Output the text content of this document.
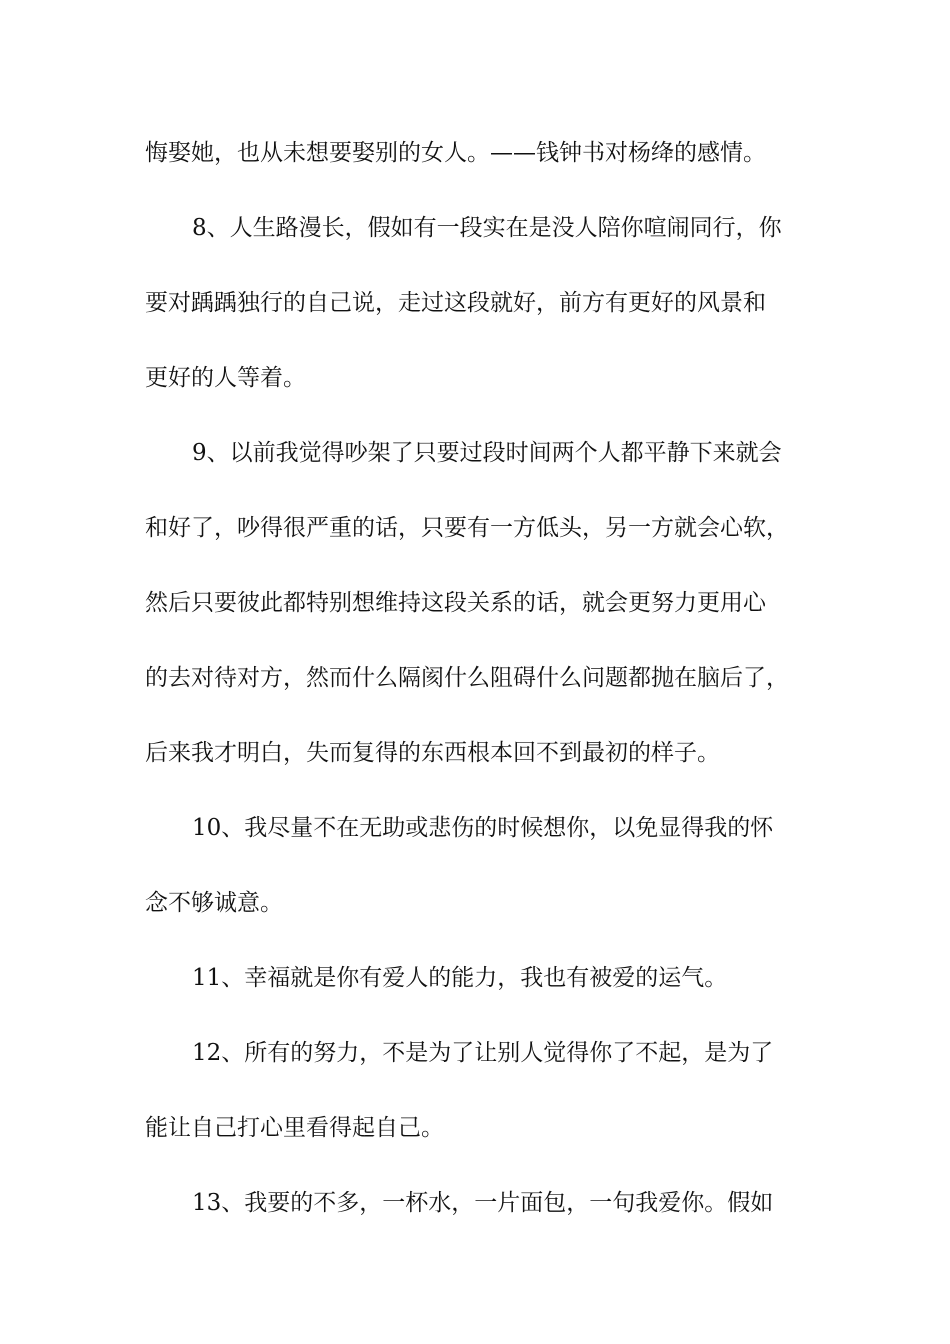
悔娶她，也从未想要娶别的女人。——钱钟书对杨绛的感情。
8、人生路漫长，假如有一段实在是没人陪你喧闹同行，你
要对踽踽独行的自己说，走过这段就好，前方有更好的风景和
更好的人等着。
9、以前我觉得吵架了只要过段时间两个人都平静下来就会
和好了，吵得很严重的话，只要有一方低头，另一方就会心软，
然后只要彼此都特别想维持这段关系的话，就会更努力更用心
的去对待对方，然而什么隔阂什么阻碍什么问题都抛在脑后了，
后来我才明白，失而复得的东西根本回不到最初的样子。
10、我尽量不在无助或悲伤的时候想你，以免显得我的怀
念不够诚意。
11、幸福就是你有爱人的能力，我也有被爱的运气。
12、所有的努力，不是为了让别人觉得你了不起，是为了
能让自己打心里看得起自己。
13、我要的不多，一杯水，一片面包，一句我爱你。假如
